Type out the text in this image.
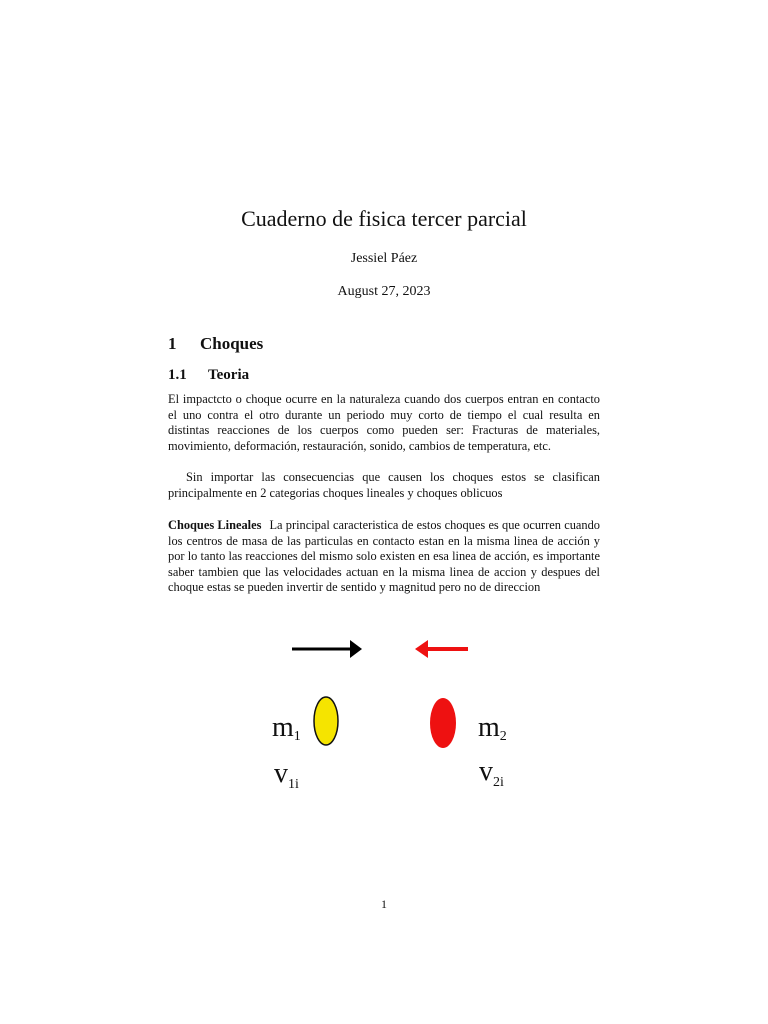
Cuaderno de fisica tercer parcial
Jessiel Páez
August 27, 2023
1 Choques
1.1 Teoria
El impactcto o choque ocurre en la naturaleza cuando dos cuerpos entran en contacto el uno contra el otro durante un periodo muy corto de tiempo el cual resulta en distintas reacciones de los cuerpos como pueden ser: Fracturas de materiales, movimiento, deformación, restauración, sonido, cambios de temperatura, etc.
Sin importar las consecuencias que causen los choques estos se clasifican principalmente en 2 categorias choques lineales y choques oblicuos
Choques Lineales La principal caracteristica de estos choques es que ocurren cuando los centros de masa de las particulas en contacto estan en la misma linea de acción y por lo tanto las reacciones del mismo solo existen en esa linea de acción, es importante saber tambien que las velocidades actuan en la misma linea de accion y despues del choque estas se pueden invertir de sentido y magnitud pero no de direccion
m1	m2
$v_{1i}$	$v_{2i}$
1
